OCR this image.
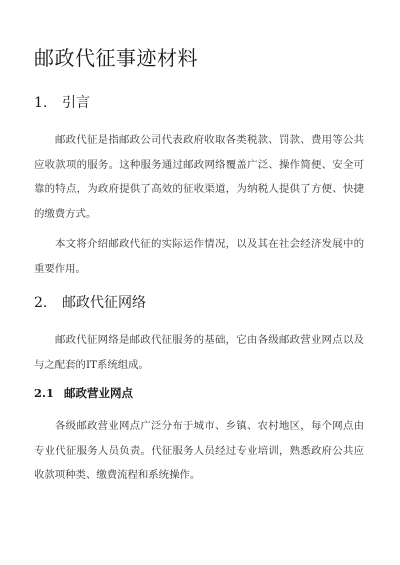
邮政代征事迹材料
1. 引言

邮政代征是指邮政公司代表政府收取各类税款、罚款、费用等公共应收款项的服务。这种服务通过邮政网络覆盖广泛、操作简便、安全可靠的特点，为政府提供了高效的征收渠道，为纳税人提供了方便、快捷的缴费方式。

本文将介绍邮政代征的实际运作情况，以及其在社会经济发展中的重要作用。

2. 邮政代征网络

邮政代征网络是邮政代征服务的基础，它由各级邮政营业网点以及与之配套的IT系统组成。

2.1 邮政营业网点

各级邮政营业网点广泛分布于城市、乡镇、农村地区，每个网点由专业代征服务人员负责。代征服务人员经过专业培训，熟悉政府公共应收款项种类、缴费流程和系统操作。
